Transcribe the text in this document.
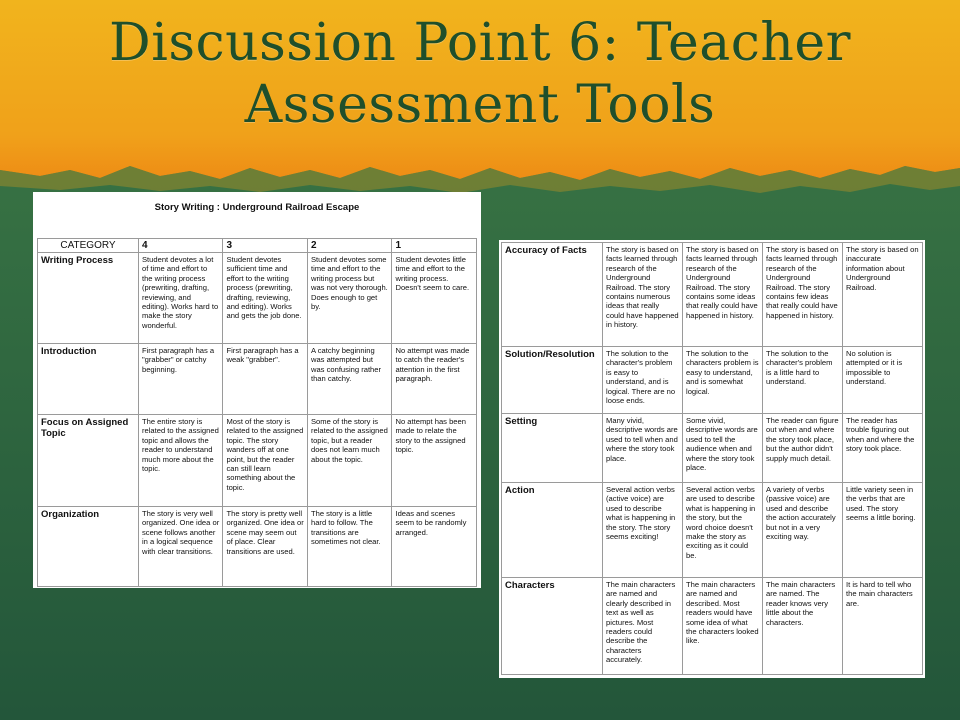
Discussion Point 6: Teacher
Assessment Tools
Story Writing : Underground Railroad Escape
CATEGORY	4	3	2	1
Writing Process	Student devotes a lot of time and effort to the writing process (prewriting, drafting, reviewing, and editing). Works hard to make the story wonderful.	Student devotes sufficient time and effort to the writing process (prewriting, drafting, reviewing, and editing). Works and gets the job done.	Student devotes some time and effort to the writing process but was not very thorough. Does enough to get by.	Student devotes little time and effort to the writing process. Doesn't seem to care.
Introduction	First paragraph has a "grabber" or catchy beginning.	First paragraph has a weak "grabber".	A catchy beginning was attempted but was confusing rather than catchy.	No attempt was made to catch the reader's attention in the first paragraph.
Focus on Assigned Topic	The entire story is related to the assigned topic and allows the reader to understand much more about the topic.	Most of the story is related to the assigned topic. The story wanders off at one point, but the reader can still learn something about the topic.	Some of the story is related to the assigned topic, but a reader does not learn much about the topic.	No attempt has been made to relate the story to the assigned topic.
Organization	The story is very well organized. One idea or scene follows another in a logical sequence with clear transitions.	The story is pretty well organized. One idea or scene may seem out of place. Clear transitions are used.	The story is a little hard to follow. The transitions are sometimes not clear.	Ideas and scenes seem to be randomly arranged.
Accuracy of Facts	The story is based on facts learned through research of the Underground Railroad. The story contains numerous ideas that really could have happened in history.	The story is based on facts learned through research of the Underground Railroad. The story contains some ideas that really could have happened in history.	The story is based on facts learned through research of the Underground Railroad. The story contains few ideas that really could have happened in history.	The story is based on inaccurate information about Underground Railroad.
Solution/Resolution	The solution to the character's problem is easy to understand, and is logical. There are no loose ends.	The solution to the characters problem is easy to understand, and is somewhat logical.	The solution to the character's problem is a little hard to understand.	No solution is attempted or it is impossible to understand.
Setting	Many vivid, descriptive words are used to tell when and where the story took place.	Some vivid, descriptive words are used to tell the audience when and where the story took place.	The reader can figure out when and where the story took place, but the author didn't supply much detail.	The reader has trouble figuring out when and where the story took place.
Action	Several action verbs (active voice) are used to describe what is happening in the story. The story seems exciting!	Several action verbs are used to describe what is happening in the story, but the word choice doesn't make the story as exciting as it could be.	A variety of verbs (passive voice) are used and describe the action accurately but not in a very exciting way.	Little variety seen in the verbs that are used. The story seems a little boring.
Characters	The main characters are named and clearly described in text as well as pictures. Most readers could describe the characters accurately.	The main characters are named and described. Most readers would have some idea of what the characters looked like.	The main characters are named. The reader knows very little about the characters.	It is hard to tell who the main characters are.
